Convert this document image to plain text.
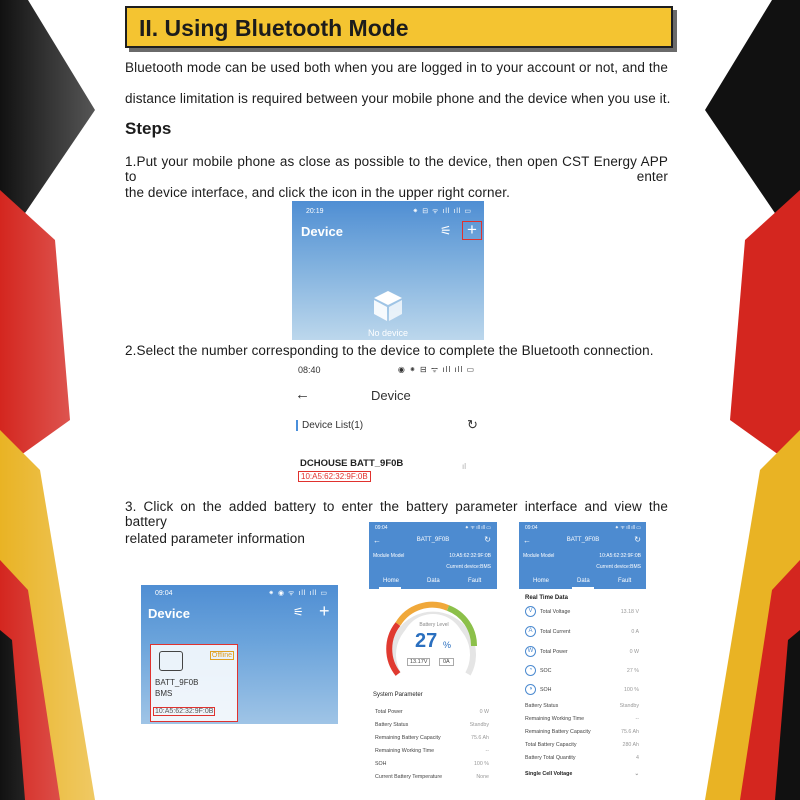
II. Using Bluetooth Mode
Bluetooth mode can be used both when you are logged in to your account or not, and the
distance limitation is required between your mobile phone and the device when you use it.
Steps
1.Put your mobile phone as close as possible to the device, then open CST Energy APP to enter
the device interface, and click the icon in the upper right corner.
20:19	⁕ ⊟ ᯤ ıll ıll ▭
Device	⚟ +
No device
2.Select the number corresponding to the device to complete the Bluetooth connection.
08:40	◉ ⁕ ⊟ ᯤ ıll ıll ▭
←	Device
Device List(1)	↻
DCHOUSE BATT_9F0B	ıl
10:A5:62:32:9F:0B
3. Click on the added battery to enter the battery parameter interface and view the battery
related parameter information
09:04	⁕ ◉ ᯤ ıll ıll ▭
Device	⚟ +
Offline
BATT_9F0B
BMS
10:A5:62:32:9F:0B
09:04	⁕ ᯤ ıll ıll ▭
←	BATT_9F0B	↻
Module Model	10:A5:62:32:9F:0B
Current device:BMS
Home	Data	Fault
Battery Level
27 %
13.17V	0A
System Parameter
Total Power	0 W
Battery Status	Standby
Remaining Battery Capacity	75.6 Ah
Remaining Working Time	--
SOH	100 %
Current Battery Temperature	None
09:04	⁕ ᯤ ıll ıll ▭
←	BATT_9F0B	↻
Module Model	10:A5:62:32:9F:0B
Current device:BMS
Home	Data	Fault
Real Time Data
V Total Voltage	13.18 V
A Total Current	0 A
W Total Power	0 W
◔ SOC	27 %
◑ SOH	100 %
Battery Status	Standby
Remaining Working Time	--
Remaining Battery Capacity	75.6 Ah
Total Battery Capacity	280 Ah
Battery Total Quantity	4
Single Cell Voltage	⌄
